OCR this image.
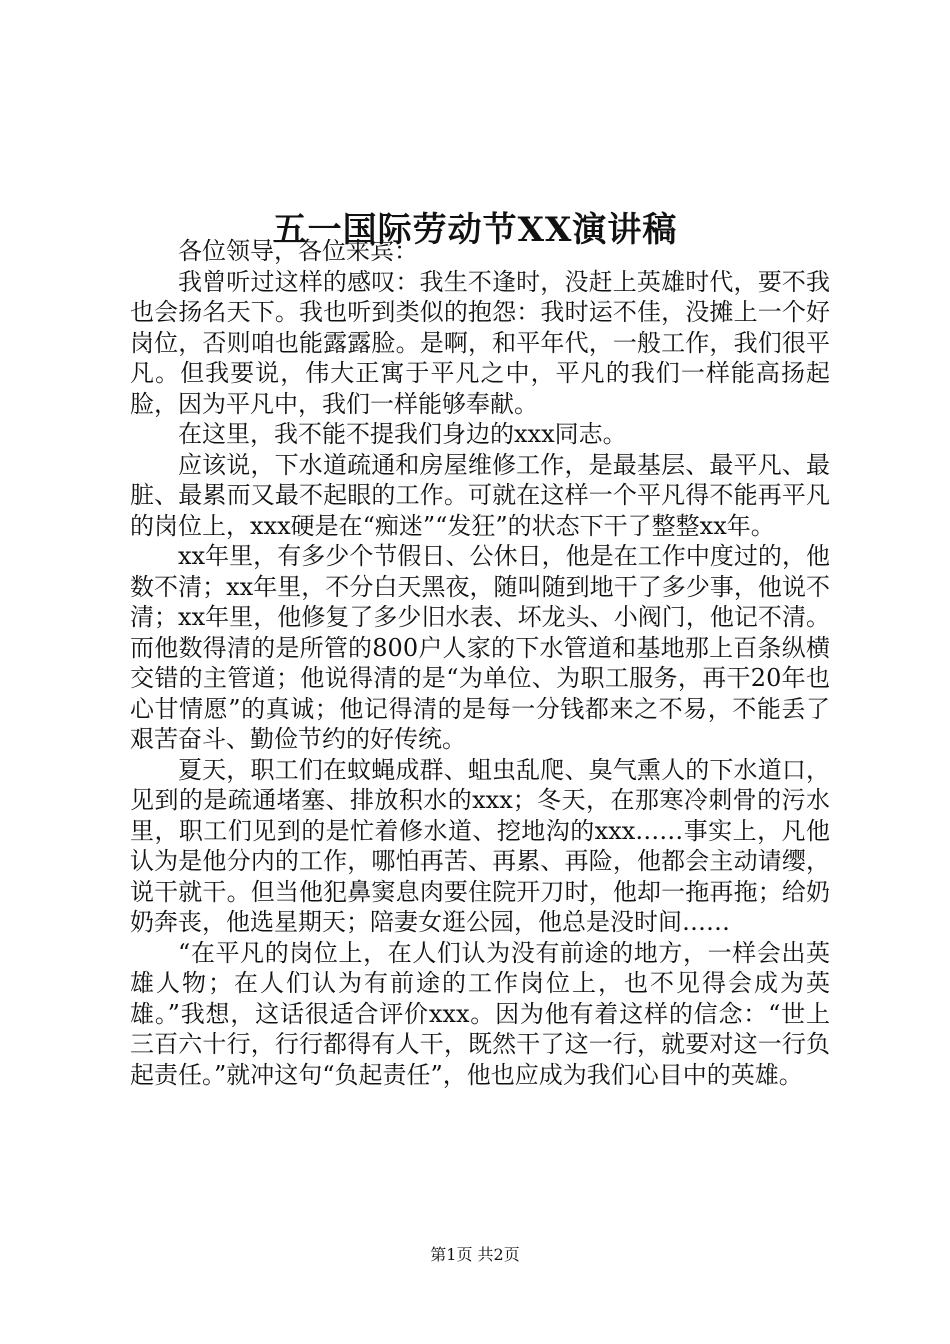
五一国际劳动节XX演讲稿

各位领导，各位来宾：

我曾听过这样的感叹：我生不逢时，没赶上英雄时代，要不我也会扬名天下。我也听到类似的抱怨：我时运不佳，没摊上一个好岗位，否则咱也能露露脸。是啊，和平年代，一般工作，我们很平凡。但我要说，伟大正寓于平凡之中，平凡的我们一样能高扬起脸，因为平凡中，我们一样能够奉献。

在这里，我不能不提我们身边的xxx同志。

应该说，下水道疏通和房屋维修工作，是最基层、最平凡、最脏、最累而又最不起眼的工作。可就在这样一个平凡得不能再平凡的岗位上，xxx硬是在“痴迷”“发狂”的状态下干了整整xx年。

xx年里，有多少个节假日、公休日，他是在工作中度过的，他数不清；xx年里，不分白天黑夜，随叫随到地干了多少事，他说不清；xx年里，他修复了多少旧水表、坏龙头、小阀门，他记不清。而他数得清的是所管的800户人家的下水管道和基地那上百条纵横交错的主管道；他说得清的是“为单位、为职工服务，再干20年也心甘情愿”的真诚；他记得清的是每一分钱都来之不易，不能丢了艰苦奋斗、勤俭节约的好传统。

夏天，职工们在蚊蝇成群、蛆虫乱爬、臭气熏人的下水道口，见到的是疏通堵塞、排放积水的xxx；冬天，在那寒冷刺骨的污水里，职工们见到的是忙着修水道、挖地沟的xxx……事实上，凡他认为是他分内的工作，哪怕再苦、再累、再险，他都会主动请缨，说干就干。但当他犯鼻窦息肉要住院开刀时，他却一拖再拖；给奶奶奔丧，他选星期天；陪妻女逛公园，他总是没时间……

“在平凡的岗位上，在人们认为没有前途的地方，一样会出英雄人物；在人们认为有前途的工作岗位上，也不见得会成为英雄。”我想，这话很适合评价xxx。因为他有着这样的信念：“世上三百六十行，行行都得有人干，既然干了这一行，就要对这一行负起责任。”就冲这句“负起责任”，他也应成为我们心目中的英雄。

第1页 共2页
